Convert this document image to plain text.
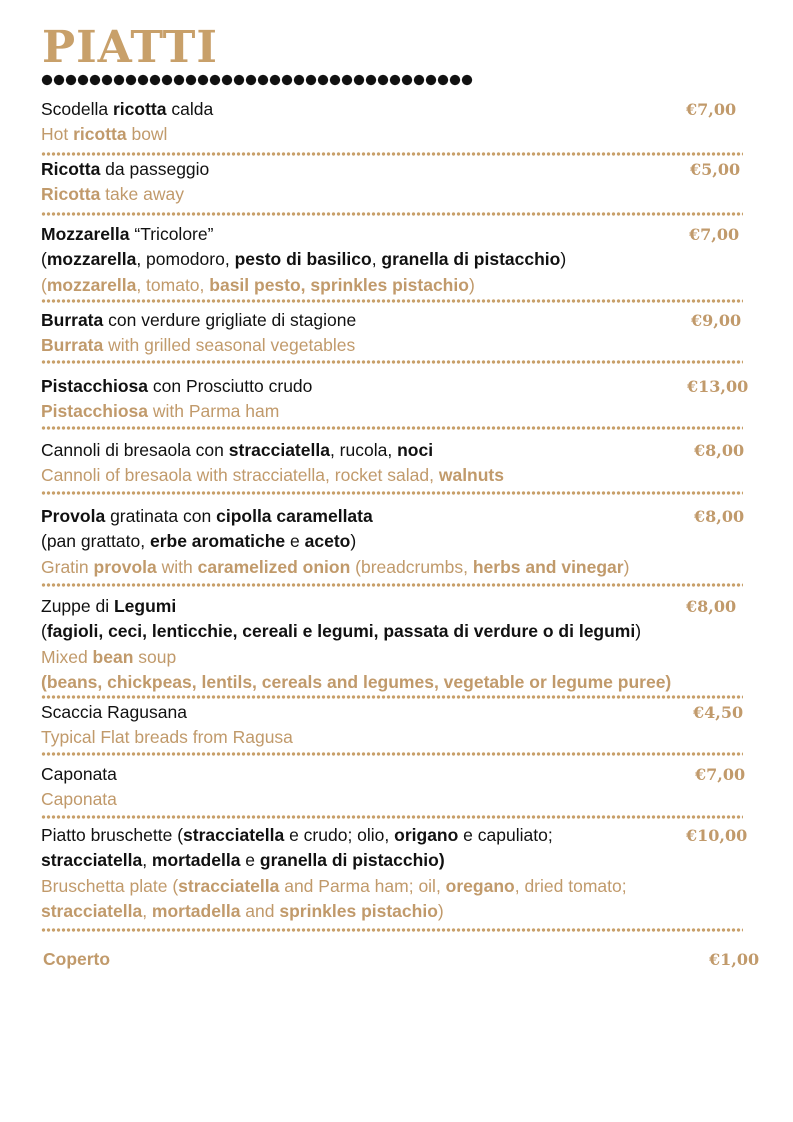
PIATTI
Scodella ricotta calda
Hot ricotta bowl
€7,00
Ricotta da passeggio
Ricotta take away
€5,00
Mozzarella “Tricolore”
(mozzarella, pomodoro, pesto di basilico, granella di pistacchio)
(mozzarella, tomato, basil pesto, sprinkles pistachio)
€7,00
Burrata con verdure grigliate di stagione
Burrata with grilled seasonal vegetables
€9,00
Pistacchiosa con Prosciutto crudo
Pistacchiosa with Parma ham
€13,00
Cannoli di bresaola con stracciatella, rucola, noci
Cannoli of bresaola with stracciatella, rocket salad, walnuts
€8,00
Provola gratinata con cipolla caramellata
(pan grattato, erbe aromatiche e aceto)
Gratin provola with caramelized onion (breadcrumbs, herbs and vinegar)
€8,00
Zuppe di Legumi
(fagioli, ceci, lenticchie, cereali e legumi, passata di verdure o di legumi)
Mixed bean soup
(beans, chickpeas, lentils, cereals and legumes, vegetable or legume puree)
€8,00
Scaccia Ragusana
Typical Flat breads from Ragusa
€4,50
Caponata
Caponata
€7,00
Piatto bruschette (stracciatella e crudo; olio, origano e capuliato;
stracciatella, mortadella e granella di pistacchio)
Bruschetta plate (stracciatella and Parma ham; oil, oregano, dried tomato;
stracciatella, mortadella and sprinkles pistachio)
€10,00
Coperto	€1,00
